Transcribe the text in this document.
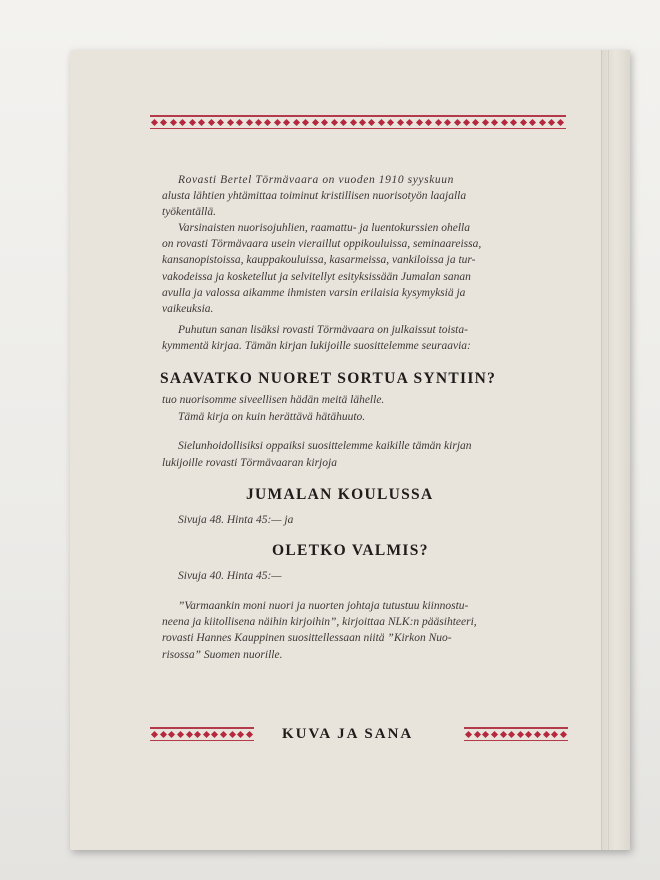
Rovasti Bertel Törmävaara on vuoden 1910 syyskuun

alusta lähtien yhtämittaa toiminut kristillisen nuorisotyön laajalla

työkentällä.

Varsinaisten nuorisojuhlien, raamattu- ja luentokurssien ohella

on rovasti Törmävaara usein vieraillut oppikouluissa, seminaareissa,

kansanopistoissa, kauppakouluissa, kasarmeissa, vankiloissa ja tur-

vakodeissa ja kosketellut ja selvitellyt esityksissään Jumalan sanan

avulla ja valossa aikamme ihmisten varsin erilaisia kysymyksiä ja

vaikeuksia.

Puhutun sanan lisäksi rovasti Törmävaara on julkaissut toista-

kymmentä kirjaa. Tämän kirjan lukijoille suosittelemme seuraavia:

SAAVATKO NUORET SORTUA SYNTIIN?
tuo nuorisomme siveellisen hädän meitä lähelle.
Tämä kirja on kuin herättävä hätähuuto.
Sielunhoidollisiksi oppaiksi suosittelemme kaikille tämän kirjan
lukijoille rovasti Törmävaaran kirjoja
JUMALAN KOULUSSA
Sivuja 48. Hinta 45:— ja
OLETKO VALMIS?
Sivuja 40. Hinta 45:—

”Varmaankin moni nuori ja nuorten johtaja tutustuu kiinnostu-

neena ja kiitollisena näihin kirjoihin”, kirjoittaa NLK:n pääsihteeri,

rovasti Hannes Kauppinen suosittellessaan niitä ”Kirkon Nuo-

risossa” Suomen nuorille.

KUVA JA SANA
